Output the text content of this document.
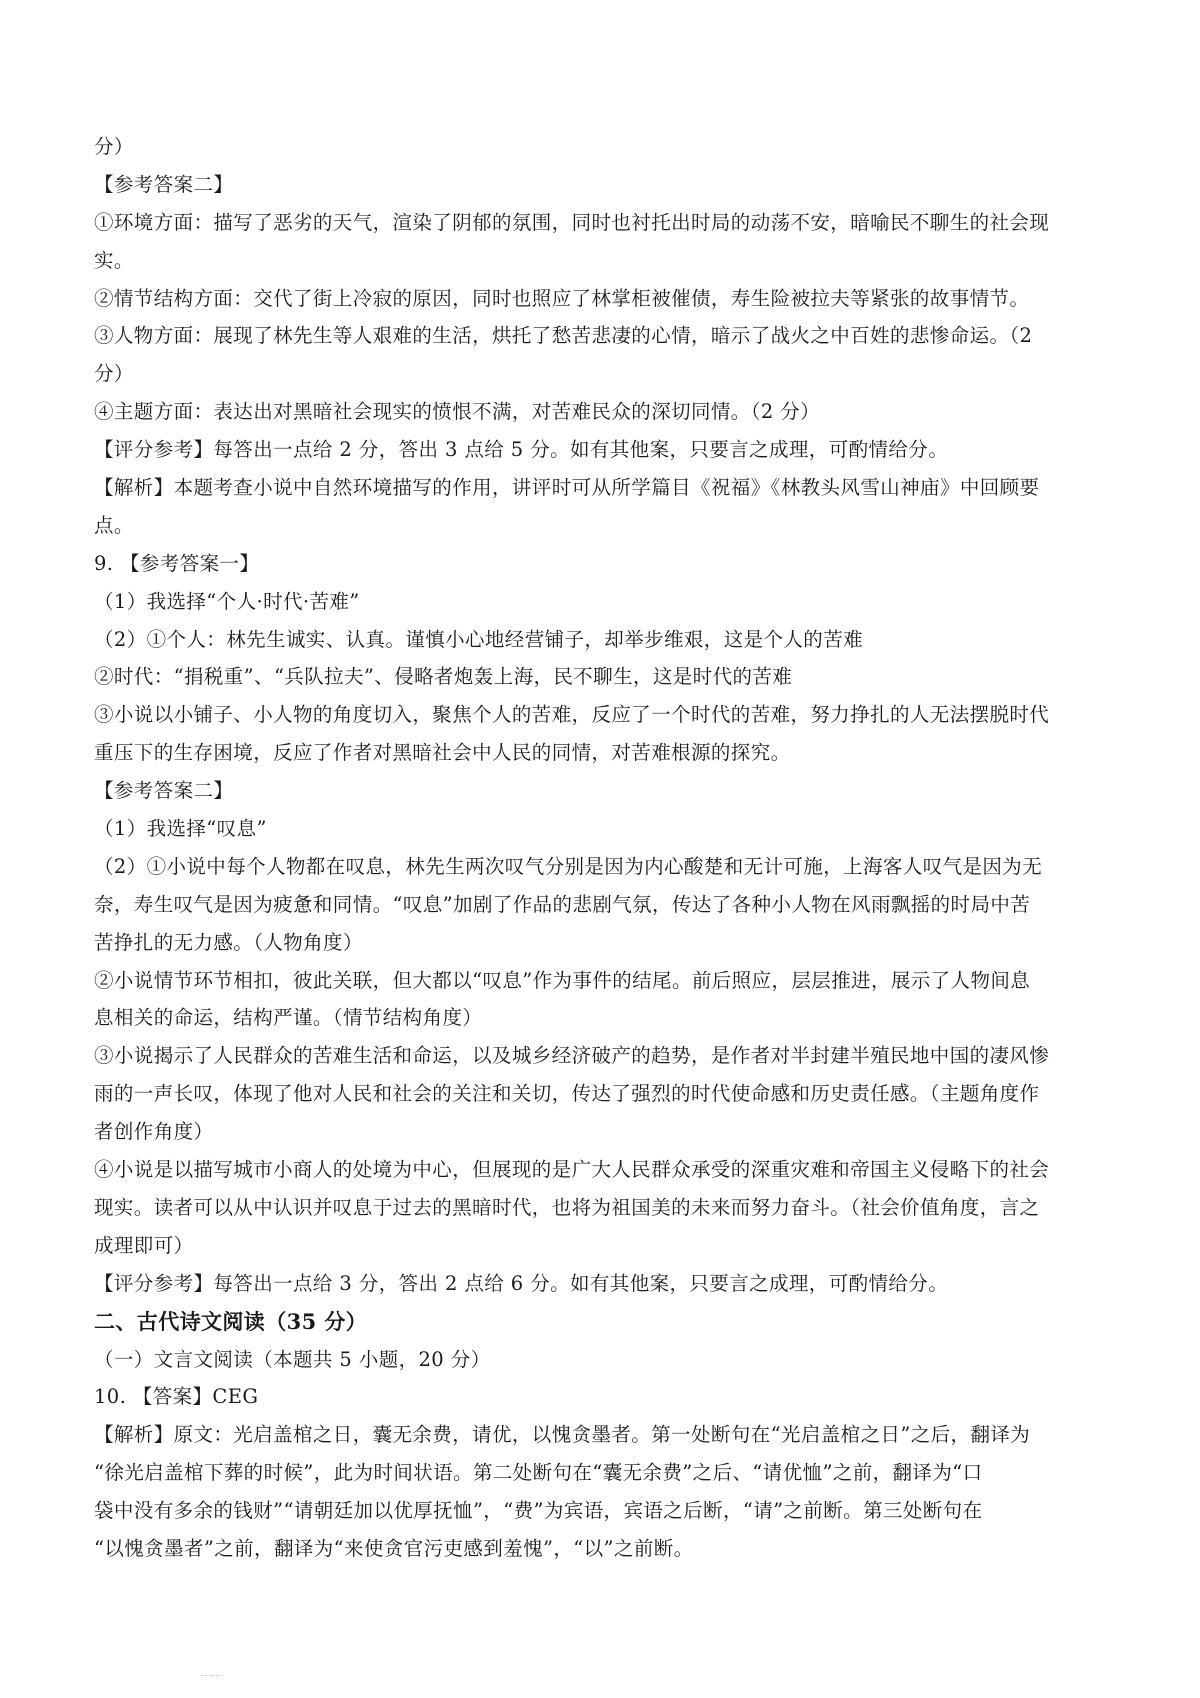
分）
【参考答案二】
①环境方面：描写了恶劣的天气，渲染了阴郁的氛围，同时也衬托出时局的动荡不安，暗喻民不聊生的社会现
实。
②情节结构方面：交代了街上冷寂的原因，同时也照应了林掌柜被催债，寿生险被拉夫等紧张的故事情节。
③人物方面：展现了林先生等人艰难的生活，烘托了愁苦悲凄的心情，暗示了战火之中百姓的悲惨命运。（2
分）
④主题方面：表达出对黑暗社会现实的愤恨不满，对苦难民众的深切同情。（2 分）
【评分参考】每答出一点给 2 分，答出 3 点给 5 分。如有其他案，只要言之成理，可酌情给分。
【解析】本题考查小说中自然环境描写的作用，讲评时可从所学篇目《祝福》《林教头风雪山神庙》中回顾要
点。
9. 【参考答案一】
（1）我选择“个人·时代·苦难”
（2）①个人：林先生诚实、认真。谨慎小心地经营铺子，却举步维艰，这是个人的苦难
②时代：“捐税重”、“兵队拉夫”、侵略者炮轰上海，民不聊生，这是时代的苦难
③小说以小铺子、小人物的角度切入，聚焦个人的苦难，反应了一个时代的苦难，努力挣扎的人无法摆脱时代
重压下的生存困境，反应了作者对黑暗社会中人民的同情，对苦难根源的探究。
【参考答案二】
（1）我选择“叹息”
（2）①小说中每个人物都在叹息，林先生两次叹气分别是因为内心酸楚和无计可施，上海客人叹气是因为无
奈，寿生叹气是因为疲惫和同情。“叹息”加剧了作品的悲剧气氛，传达了各种小人物在风雨飘摇的时局中苦
苦挣扎的无力感。（人物角度）
②小说情节环节相扣，彼此关联，但大都以“叹息”作为事件的结尾。前后照应，层层推进，展示了人物间息
息相关的命运，结构严谨。（情节结构角度）
③小说揭示了人民群众的苦难生活和命运，以及城乡经济破产的趋势，是作者对半封建半殖民地中国的凄风惨
雨的一声长叹，体现了他对人民和社会的关注和关切，传达了强烈的时代使命感和历史责任感。（主题角度作
者创作角度）
④小说是以描写城市小商人的处境为中心，但展现的是广大人民群众承受的深重灾难和帝国主义侵略下的社会
现实。读者可以从中认识并叹息于过去的黑暗时代，也将为祖国美的未来而努力奋斗。（社会价值角度，言之
成理即可）
【评分参考】每答出一点给 3 分，答出 2 点给 6 分。如有其他案，只要言之成理，可酌情给分。
二、古代诗文阅读（35 分）
（一）文言文阅读（本题共 5 小题，20 分）
10. 【答案】CEG
【解析】原文：光启盖棺之日，囊无余费，请优，以愧贪墨者。第一处断句在“光启盖棺之日”之后，翻译为
“徐光启盖棺下葬的时候”，此为时间状语。第二处断句在“囊无余费”之后、“请优恤”之前，翻译为“口
袋中没有多余的钱财”“请朝廷加以优厚抚恤”，“费”为宾语，宾语之后断，“请”之前断。第三处断句在
“以愧贪墨者”之前，翻译为“来使贪官污吏感到羞愧”，“以”之前断。
.........
